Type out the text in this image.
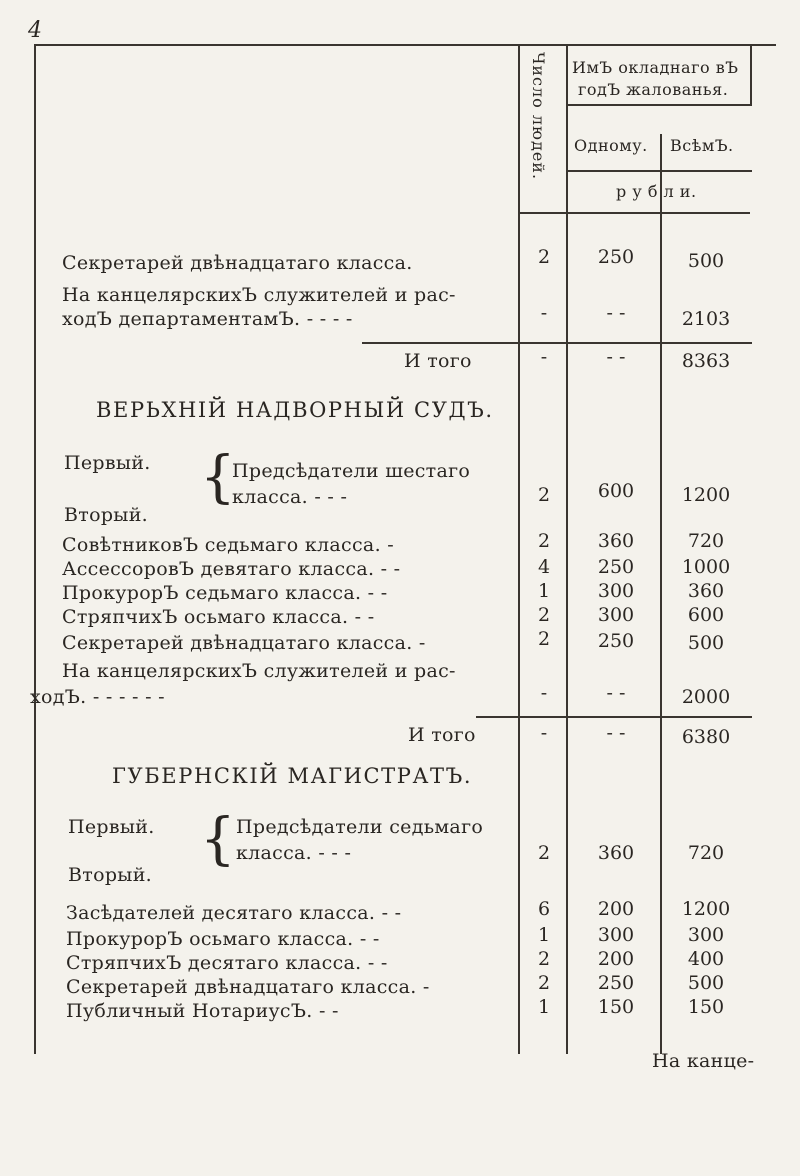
4
Число людей. ИмЪ окладнаго вЪ
годЪ жалованья.
Одному. ВсѣмЪ.
р у б л и.
Секретарей двѣнадцатаго класса.	2	250	500
На канцелярскихЪ служителей и рас-
ходЪ департаментамЪ. - - - -	-	- -	2103
И того	-	- -	8363
ВЕРЬХНІЙ НАДВОРНЫЙ СУДЪ.
Первый.
Вторый.
{
Предсѣдатели шестаго
класса. - - -	2	600	1200
СовѣтниковЪ седьмаго класса. -	2	360	720
АссессоровЪ девятаго класса. - -	4	250	1000
ПрокурорЪ седьмаго класса. - -	1	300	360
СтряпчихЪ осьмаго класса. - -	2	300	600
Секретарей двѣнадцатаго класса. -	2	250	500
На канцелярскихЪ служителей и рас-
ходЪ. - - - - - -	-	- -	2000
И того	-	- -	6380
ГУБЕРНСКІЙ МАГИСТРАТЪ.
Первый.
Вторый.
{ Предсѣдатели седьмаго
класса. - - -	2	360	720
Засѣдателей десятаго класса. - -	6	200	1200
ПрокурорЪ осьмаго класса. - -	1	300	300
СтряпчихЪ десятаго класса. - -	2	200	400
Секретарей двѣнадцатаго класса. -	2	250	500
Публичный НотариусЪ. - -	1	150	150
На канце-
